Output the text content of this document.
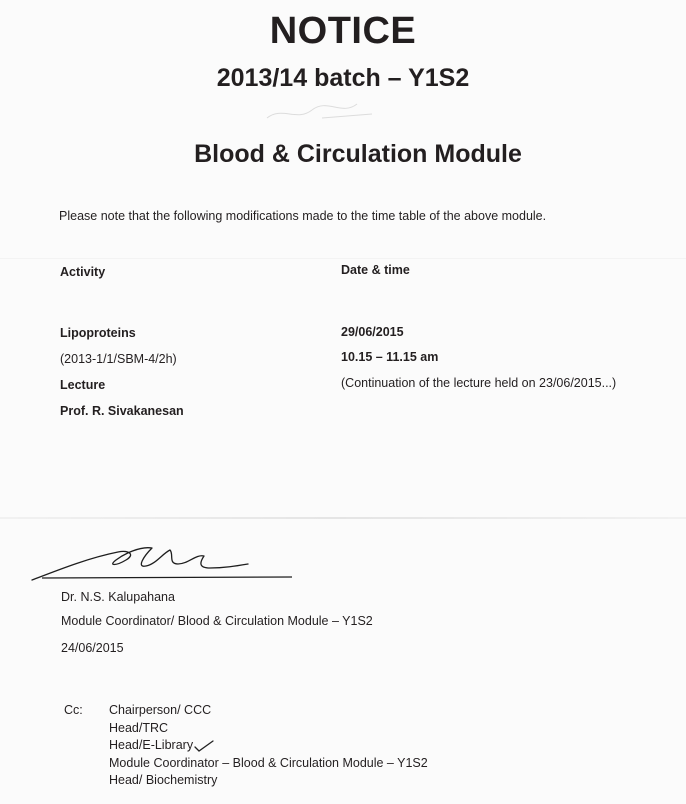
NOTICE
2013/14 batch – Y1S2
Blood & Circulation Module
Please note that the following modifications made to the time table of the above module.
Activity	Date & time
Lipoproteins
(2013-1/1/SBM-4/2h)
Lecture
Prof. R. Sivakanesan
29/06/2015
10.15 – 11.15 am
(Continuation of the lecture held on 23/06/2015...)
Dr. N.S. Kalupahana
Module Coordinator/ Blood & Circulation Module – Y1S2
24/06/2015
Cc: Chairperson/ CCC
Head/TRC
Head/E-Library
Module Coordinator – Blood & Circulation Module – Y1S2
Head/ Biochemistry
